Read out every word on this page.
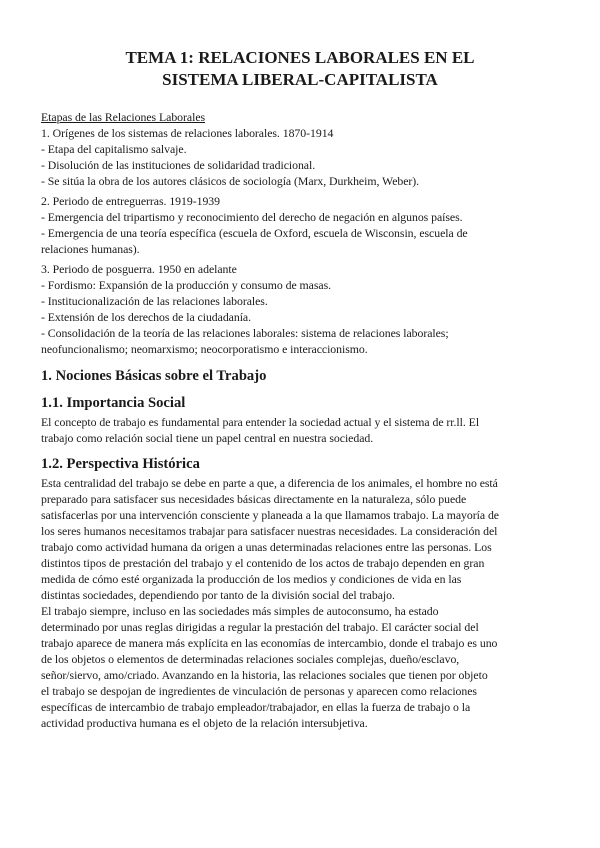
TEMA 1: RELACIONES LABORALES EN EL
SISTEMA LIBERAL-CAPITALISTA

Etapas de las Relaciones Laborales

1. Orígenes de los sistemas de relaciones laborales. 1870-1914

- Etapa del capitalismo salvaje.

- Disolución de las instituciones de solidaridad tradicional.

- Se sitúa la obra de los autores clásicos de sociología (Marx, Durkheim, Weber).

2. Periodo de entreguerras. 1919-1939

- Emergencia del tripartismo y reconocimiento del derecho de negación en algunos países.

- Emergencia de una teoría específica (escuela de Oxford, escuela de Wisconsin, escuela de

relaciones humanas).

3. Periodo de posguerra. 1950 en adelante

- Fordismo: Expansión de la producción y consumo de masas.

- Institucionalización de las relaciones laborales.

- Extensión de los derechos de la ciudadanía.

- Consolidación de la teoría de las relaciones laborales: sistema de relaciones laborales;

neofuncionalismo; neomarxismo; neocorporatismo e interaccionismo.

1. Nociones Básicas sobre el Trabajo

1.1. Importancia Social

El concepto de trabajo es fundamental para entender la sociedad actual y el sistema de rr.ll. El

trabajo como relación social tiene un papel central en nuestra sociedad.

1.2. Perspectiva Histórica

Esta centralidad del trabajo se debe en parte a que, a diferencia de los animales, el hombre no está

preparado para satisfacer sus necesidades básicas directamente en la naturaleza, sólo puede

satisfacerlas por una intervención consciente y planeada a la que llamamos trabajo. La mayoría de

los seres humanos necesitamos trabajar para satisfacer nuestras necesidades. La consideración del

trabajo como actividad humana da origen a unas determinadas relaciones entre las personas. Los

distintos tipos de prestación del trabajo y el contenido de los actos de trabajo dependen en gran

medida de cómo esté organizada la producción de los medios y condiciones de vida en las

distintas sociedades, dependiendo por tanto de la división social del trabajo.

El trabajo siempre, incluso en las sociedades más simples de autoconsumo, ha estado

determinado por unas reglas dirigidas a regular la prestación del trabajo. El carácter social del

trabajo aparece de manera más explícita en las economías de intercambio, donde el trabajo es uno

de los objetos o elementos de determinadas relaciones sociales complejas, dueño/esclavo,

señor/siervo, amo/criado. Avanzando en la historia, las relaciones sociales que tienen por objeto

el trabajo se despojan de ingredientes de vinculación de personas y aparecen como relaciones

específicas de intercambio de trabajo empleador/trabajador, en ellas la fuerza de trabajo o la

actividad productiva humana es el objeto de la relación intersubjetiva.
